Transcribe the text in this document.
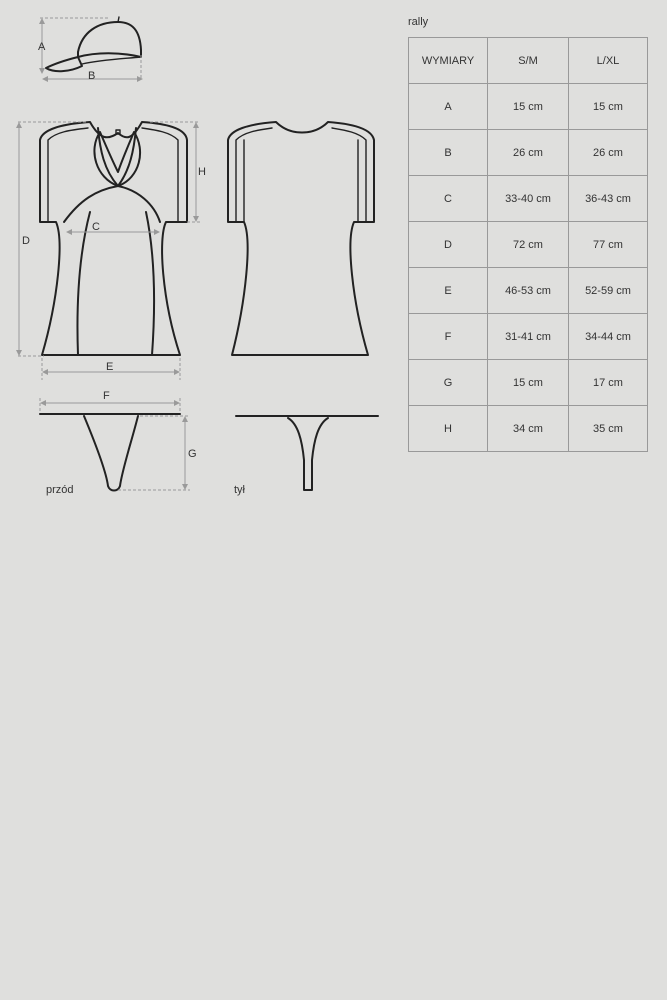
A
B
H
C
D
E
przód
F
G
tył
rally
WYMIARY	S/M	L/XL
A	15 cm	15 cm
B	26 cm	26 cm
C	33-40 cm	36-43 cm
D	72 cm	77 cm
E	46-53 cm	52-59 cm
F	31-41 cm	34-44 cm
G	15 cm	17 cm
H	34 cm	35 cm
